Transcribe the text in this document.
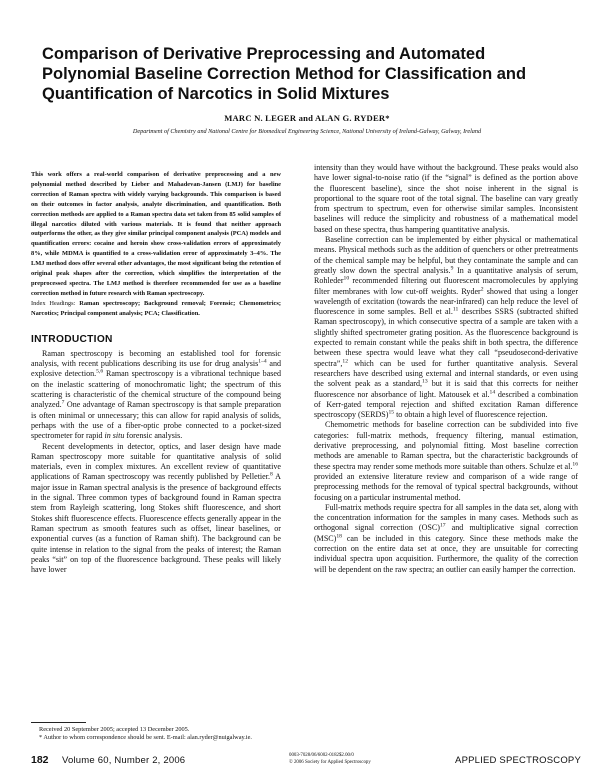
Comparison of Derivative Preprocessing and Automated Polynomial Baseline Correction Method for Classification and Quantification of Narcotics in Solid Mixtures
MARC N. LEGER and ALAN G. RYDER*
Department of Chemistry and National Centre for Biomedical Engineering Science, National University of Ireland-Galway, Galway, Ireland

This work offers a real-world comparison of derivative preprocessing and a new polynomial method described by Lieber and Mahadevan-Jansen (LMJ) for baseline correction of Raman spectra with widely varying backgrounds. This comparison is based on their outcomes in factor analysis, analyte discrimination, and quantification. Both correction methods are applied to a Raman spectra data set taken from 85 solid samples of illegal narcotics diluted with various materials. It is found that neither approach outperforms the other, as they give similar principal component analysis (PCA) models and quantification errors: cocaine and heroin show cross-validation errors of approximately 8%, while MDMA is quantified to a cross-validation error of approximately 3–4%. The LMJ method does offer several other advantages, the most significant being the retention of original peak shapes after the correction, which simplifies the interpretation of the preprocessed spectra. The LMJ method is therefore recommended for use as a baseline correction method in future research with Raman spectroscopy.

Index Headings: Raman spectroscopy; Background removal; Forensic; Chemometrics; Narcotics; Principal component analysis; PCA; Classification.

INTRODUCTION

Raman spectroscopy is becoming an established tool for forensic analysis, with recent publications describing its use for drug analysis$^{1-4}$ and explosive detection.$^{5,6}$ Raman spectroscopy is a vibrational technique based on the inelastic scattering of monochromatic light; the spectrum of this scattering is characteristic of the chemical structure of the compound being analyzed.$^7$ One advantage of Raman spectroscopy is that sample preparation is often minimal or unnecessary; this can allow for rapid analysis of solids, perhaps with the use of a fiber-optic probe connected to a pocket-sized spectrometer for rapid in situ forensic analysis.

Recent developments in detector, optics, and laser design have made Raman spectroscopy more suitable for quantitative analysis of solid materials, even in complex mixtures. An excellent review of quantitative applications of Raman spectroscopy was recently published by Pelletier.$^8$ A major issue in Raman spectral analysis is the presence of background effects in the signal. Three common types of background found in Raman spectra stem from Rayleigh scattering, long Stokes shift fluorescence, and short Stokes shift fluorescence effects. Fluorescence effects generally appear in the Raman spectrum as smooth features such as offset, linear baselines, or exponential curves (as a function of Raman shift). The background can be quite intense in relation to the signal from the peaks of interest; the Raman peaks “sit” on top of the fluorescence background. These peaks will likely have lower

intensity than they would have without the background. These peaks would also have lower signal-to-noise ratio (if the “signal” is defined as the portion above the fluorescent baseline), since the shot noise inherent in the signal is proportional to the square root of the total signal. The baseline can vary greatly from spectrum to spectrum, even for otherwise similar samples. Inconsistent baselines will reduce the simplicity and robustness of a mathematical model based on these spectra, thus hampering quantitative analysis.

Baseline correction can be implemented by either physical or mathematical means. Physical methods such as the addition of quenchers or other pretreatments of the chemical sample may be helpful, but they contaminate the sample and can greatly slow down the spectral analysis.$^9$ In a quantitative analysis of serum, Rohleder$^{10}$ recommended filtering out fluorescent macromolecules by applying filter membranes with low cut-off weights. Ryder$^2$ showed that using a longer wavelength of excitation (towards the near-infrared) can help reduce the level of fluorescence in some samples. Bell et al.$^{11}$ describes SSRS (subtracted shifted Raman spectroscopy), in which consecutive spectra of a sample are taken with a slightly shifted spectrometer grating position. As the fluorescence background is expected to remain constant while the peaks shift in both spectra, the difference between these spectra would leave what they call “pseudosecond-derivative spectra”,$^{12}$ which can be used for further quantitative analysis. Several researchers have described using external and internal standards, or even using the solvent peak as a standard,$^{13}$ but it is said that this corrects for neither fluorescence nor absorbance of light. Matousek et al.$^{14}$ described a combination of Kerr-gated temporal rejection and shifted excitation Raman difference spectroscopy (SERDS)$^{15}$ to obtain a high level of fluorescence rejection.

Chemometric methods for baseline correction can be subdivided into five categories: full-matrix methods, frequency filtering, manual estimation, derivative preprocessing, and polynomial fitting. Most baseline correction methods are amenable to Raman spectra, but the characteristic backgrounds of these spectra may render some methods more suitable than others. Schulze et al.$^{16}$ provided an extensive literature review and comparison of a wide range of preprocessing methods for the removal of typical spectral backgrounds, without focusing on a particular instrumental method.

Full-matrix methods require spectra for all samples in the data set, along with the concentration information for the samples in many cases. Methods such as orthogonal signal correction (OSC)$^{17}$ and multiplicative signal correction (MSC)$^{18}$ can be included in this category. Since these methods make the correction on the entire data set at once, they are unsuitable for correcting individual spectra upon acquisition. Furthermore, the quality of the correction will be dependent on the raw spectra; an outlier can easily hamper the correction.

Received 20 September 2005; accepted 13 December 2005.

* Author to whom correspondence should be sent. E-mail: alan.ryder@nuigalway.ie.

182 Volume 60, Number 2, 2006	0003-7028/06/6002-0182$2.00/0
© 2006 Society for Applied Spectroscopy	APPLIED SPECTROSCOPY
